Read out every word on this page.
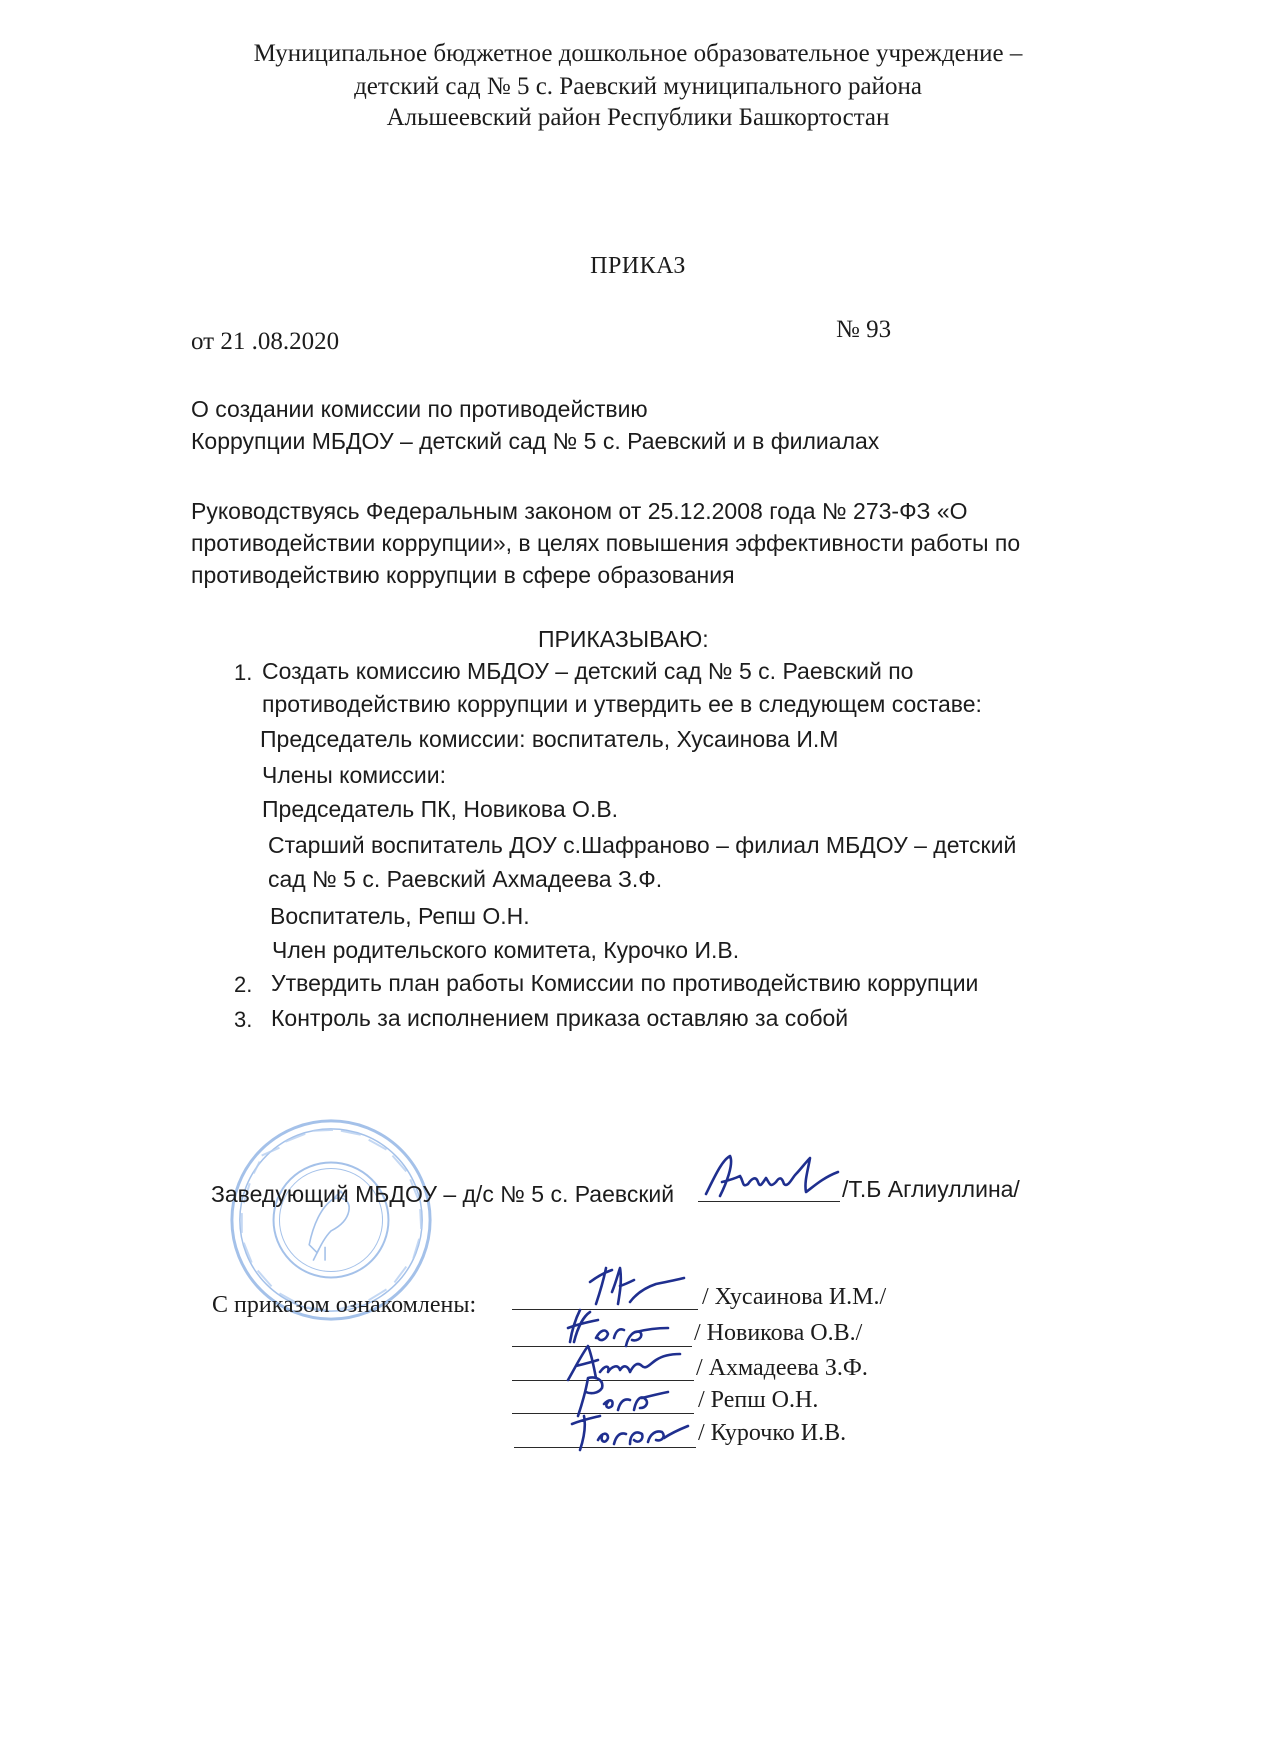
Муниципальное бюджетное дошкольное образовательное учреждение –

детский сад № 5 с. Раевский муниципального района

Альшеевский район Республики Башкортостан

ПРИКАЗ

от 21 .08.2020	№ 93

О создании комиссии по противодействию

Коррупции МБДОУ – детский сад № 5 с. Раевский и в филиалах

Руководствуясь Федеральным законом от 25.12.2008 года № 273-ФЗ «О

противодействии коррупции», в целях повышения эффективности работы по

противодействию коррупции в сфере образования

ПРИКАЗЫВАЮ:

1. Создать комиссию МБДОУ – детский сад № 5 с. Раевский по

противодействию коррупции и утвердить ее в следующем составе:

Председатель комиссии: воспитатель, Хусаинова И.М

Члены комиссии:

Председатель ПК, Новикова О.В.

Старший воспитатель ДОУ с.Шафраново – филиал МБДОУ – детский

сад № 5 с. Раевский Ахмадеева З.Ф.

Воспитатель, Репш О.Н.

Член родительского комитета, Курочко И.В.

2. Утвердить план работы Комиссии по противодействию коррупции

3. Контроль за исполнением приказа оставляю за собой

Заведующий МБДОУ – д/с № 5 с. Раевский	/Т.Б Аглиуллина/

С приказом ознакомлены:	/ Хусаинова И.М./

/ Новикова О.В./

/ Ахмадеева З.Ф.

/ Репш О.Н.

/ Курочко И.В.
